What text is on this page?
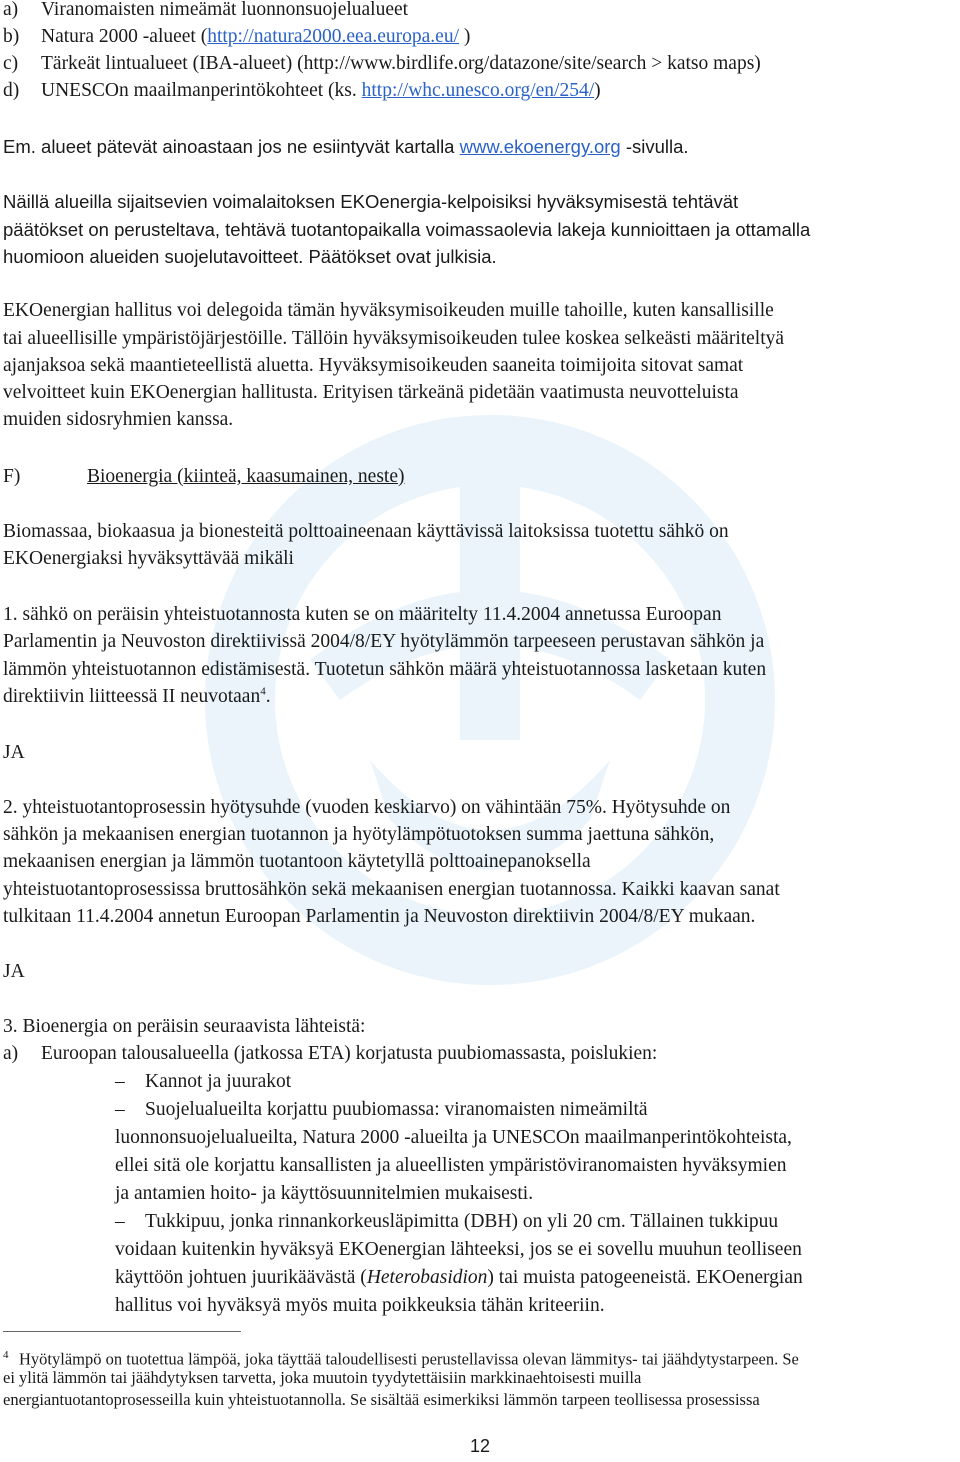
a) Viranomaisten nimeämät luonnonsuojelualueet
b) Natura 2000 -alueet (http://natura2000.eea.europa.eu/ )
c) Tärkeät lintualueet (IBA-alueet) (http://www.birdlife.org/datazone/site/search > katso maps)
d) UNESCOn maailmanperintökohteet (ks. http://whc.unesco.org/en/254/)
Em. alueet pätevät ainoastaan jos ne esiintyvät kartalla www.ekoenergy.org -sivulla.
Näillä alueilla sijaitsevien voimalaitoksen EKOenergia-kelpoisiksi hyväksymisestä tehtävät
päätökset on perusteltava, tehtävä tuotantopaikalla voimassaolevia lakeja kunnioittaen ja ottamalla
huomioon alueiden suojelutavoitteet. Päätökset ovat julkisia.
EKOenergian hallitus voi delegoida tämän hyväksymisoikeuden muille tahoille, kuten kansallisille
tai alueellisille ympäristöjärjestöille. Tällöin hyväksymisoikeuden tulee koskea selkeästi määriteltyä
ajanjaksoa sekä maantieteellistä aluetta. Hyväksymisoikeuden saaneita toimijoita sitovat samat
velvoitteet kuin EKOenergian hallitusta. Erityisen tärkeänä pidetään vaatimusta neuvotteluista
muiden sidosryhmien kanssa.
F)	Bioenergia (kiinteä, kaasumainen, neste)
Biomassaa, biokaasua ja bionesteitä polttoaineenaan käyttävissä laitoksissa tuotettu sähkö on
EKOenergiaksi hyväksyttävää mikäli
1. sähkö on peräisin yhteistuotannosta kuten se on määritelty 11.4.2004 annetussa Euroopan
Parlamentin ja Neuvoston direktiivissä 2004/8/EY hyötylämmön tarpeeseen perustavan sähkön ja
lämmön yhteistuotannon edistämisestä. Tuotetun sähkön määrä yhteistuotannossa lasketaan kuten
direktiivin liitteessä II neuvotaan$^4$.
JA
2. yhteistuotantoprosessin hyötysuhde (vuoden keskiarvo) on vähintään 75%. Hyötysuhde on
sähkön ja mekaanisen energian tuotannon ja hyötylämpötuotoksen summa jaettuna sähkön,
mekaanisen energian ja lämmön tuotantoon käytetyllä polttoainepanoksella
yhteistuotantoprosessissa bruttosähkön sekä mekaanisen energian tuotannossa. Kaikki kaavan sanat
tulkitaan 11.4.2004 annetun Euroopan Parlamentin ja Neuvoston direktiivin 2004/8/EY mukaan.
JA
3. Bioenergia on peräisin seuraavista lähteistä:
a) Euroopan talousalueella (jatkossa ETA) korjatusta puubiomassasta, poislukien:
– Kannot ja juurakot
– Suojelualueilta korjattu puubiomassa: viranomaisten nimeämiltä
luonnonsuojelualueilta, Natura 2000 -alueilta ja UNESCOn maailmanperintökohteista,
ellei sitä ole korjattu kansallisten ja alueellisten ympäristöviranomaisten hyväksymien
ja antamien hoito- ja käyttösuunnitelmien mukaisesti.
– Tukkipuu, jonka rinnankorkeusläpimitta (DBH) on yli 20 cm. Tällainen tukkipuu
voidaan kuitenkin hyväksyä EKOenergian lähteeksi, jos se ei sovellu muuhun teolliseen
käyttöön johtuen juurikäävästä (Heterobasidion) tai muista patogeeneistä. EKOenergian
hallitus voi hyväksyä myös muita poikkeuksia tähän kriteeriin.
4 Hyötylämpö on tuotettua lämpöä, joka täyttää taloudellisesti perustellavissa olevan lämmitys- tai jäähdytystarpeen. Se
ei ylitä lämmön tai jäähdytyksen tarvetta, joka muutoin tyydytettäisiin markkinaehtoisesti muilla
energiantuotantoprosesseilla kuin yhteistuotannolla. Se sisältää esimerkiksi lämmön tarpeen teollisessa prosessissa
12
